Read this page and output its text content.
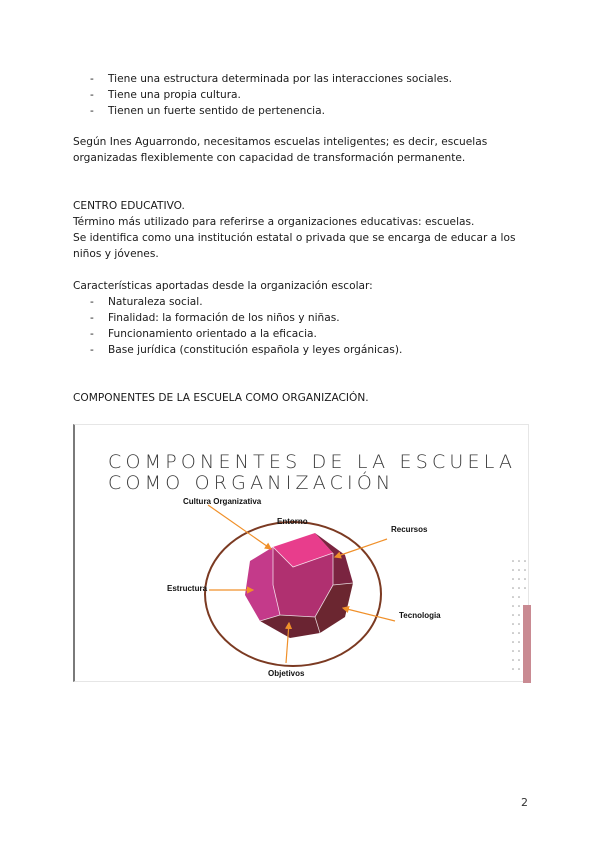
- Tiene una estructura determinada por las interacciones sociales.
- Tiene una propia cultura.
- Tienen un fuerte sentido de pertenencia.
Según Ines Aguarrondo, necesitamos escuelas inteligentes; es decir, escuelas
organizadas flexiblemente con capacidad de transformación permanente.
CENTRO EDUCATIVO.
Término más utilizado para referirse a organizaciones educativas: escuelas.
Se identifica como una institución estatal o privada que se encarga de educar a los
niños y jóvenes.
Características aportadas desde la organización escolar:
- Naturaleza social.
- Finalidad: la formación de los niños y niñas.
- Funcionamiento orientado a la eficacia.
- Base jurídica (constitución española y leyes orgánicas).
COMPONENTES DE LA ESCUELA COMO ORGANIZACIÓN.
COMPONENTES DE LA ESCUELA
COMO ORGANIZACIÓN
Cultura Organizativa
Entorno
Recursos
Estructura
Tecnologia
Objetivos
2
